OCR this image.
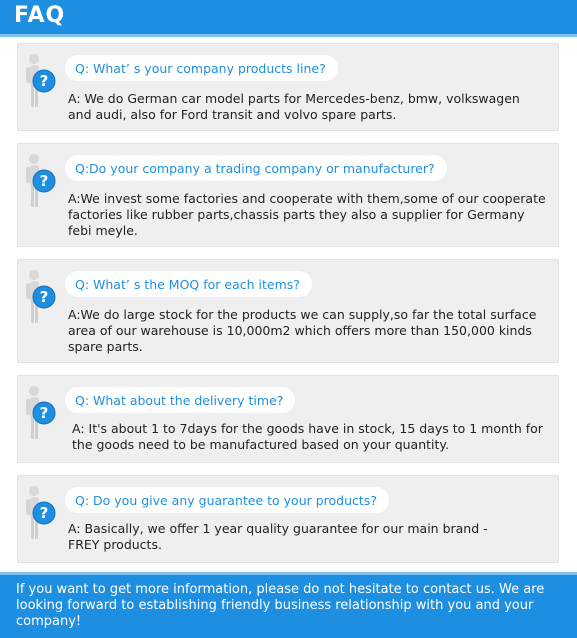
FAQ
?
Q: What’ s your company products line?
A: We do German car model parts for Mercedes-benz, bmw, volkswagen and audi, also for Ford transit and volvo spare parts.
?
Q:Do your company a trading company or manufacturer?
A:We invest some factories and cooperate with them,some of our cooperate factories like rubber parts,chassis parts they also a supplier for Germany febi meyle.
?
Q: What’ s the MOQ for each items?
A:We do large stock for the products we can supply,so far the total surface area of our warehouse is 10,000m2 which offers more than 150,000 kinds spare parts.
?
Q: What about the delivery time?
A: It's about 1 to 7days for the goods have in stock, 15 days to 1 month for the goods need to be manufactured based on your quantity.
?
Q: Do you give any guarantee to your products?
A: Basically, we offer 1 year quality guarantee for our main brand -FREY products.
If you want to get more information, please do not hesitate to contact us. We are looking forward to establishing friendly business relationship with you and your company!
